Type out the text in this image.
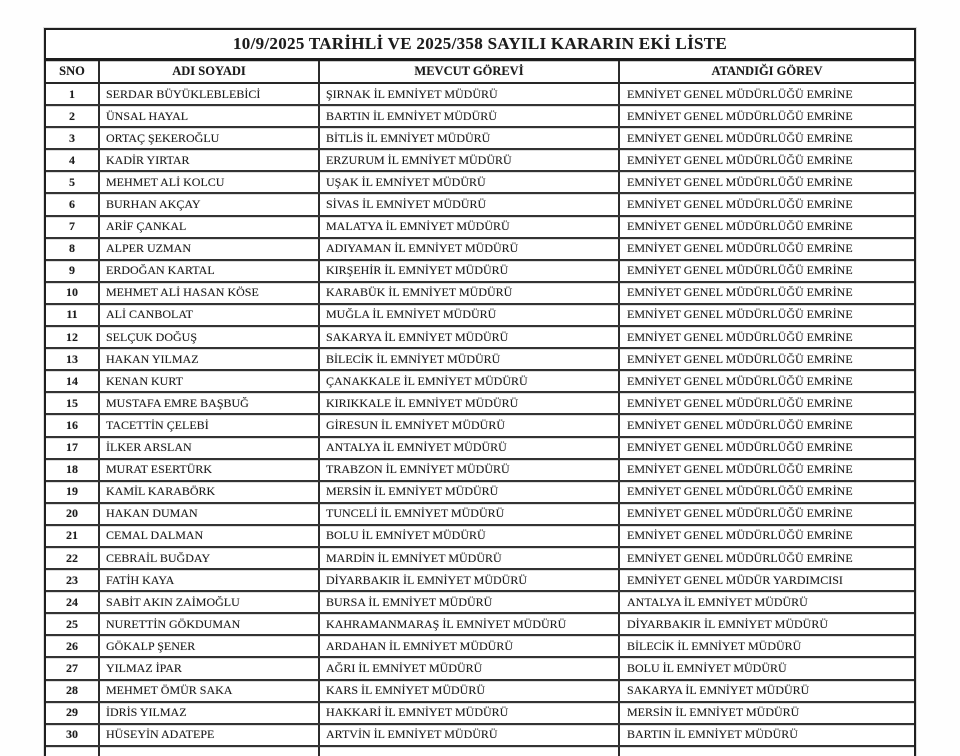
10/9/2025 TARİHLİ VE 2025/358 SAYILI KARARIN EKİ LİSTE
SNO	ADI SOYADI	MEVCUT GÖREVİ	ATANDIĞI GÖREV
1	SERDAR BÜYÜKLEBLEBİCİ	ŞIRNAK İL EMNİYET MÜDÜRÜ	EMNİYET GENEL MÜDÜRLÜĞÜ EMRİNE
2	ÜNSAL HAYAL	BARTIN İL EMNİYET MÜDÜRÜ	EMNİYET GENEL MÜDÜRLÜĞÜ EMRİNE
3	ORTAÇ ŞEKEROĞLU	BİTLİS İL EMNİYET MÜDÜRÜ	EMNİYET GENEL MÜDÜRLÜĞÜ EMRİNE
4	KADİR YIRTAR	ERZURUM İL EMNİYET MÜDÜRÜ	EMNİYET GENEL MÜDÜRLÜĞÜ EMRİNE
5	MEHMET ALİ KOLCU	UŞAK İL EMNİYET MÜDÜRÜ	EMNİYET GENEL MÜDÜRLÜĞÜ EMRİNE
6	BURHAN AKÇAY	SİVAS İL EMNİYET MÜDÜRÜ	EMNİYET GENEL MÜDÜRLÜĞÜ EMRİNE
7	ARİF ÇANKAL	MALATYA İL EMNİYET MÜDÜRÜ	EMNİYET GENEL MÜDÜRLÜĞÜ EMRİNE
8	ALPER UZMAN	ADIYAMAN İL EMNİYET MÜDÜRÜ	EMNİYET GENEL MÜDÜRLÜĞÜ EMRİNE
9	ERDOĞAN KARTAL	KIRŞEHİR İL EMNİYET MÜDÜRÜ	EMNİYET GENEL MÜDÜRLÜĞÜ EMRİNE
10	MEHMET ALİ HASAN KÖSE	KARABÜK İL EMNİYET MÜDÜRÜ	EMNİYET GENEL MÜDÜRLÜĞÜ EMRİNE
11	ALİ CANBOLAT	MUĞLA İL EMNİYET MÜDÜRÜ	EMNİYET GENEL MÜDÜRLÜĞÜ EMRİNE
12	SELÇUK DOĞUŞ	SAKARYA İL EMNİYET MÜDÜRÜ	EMNİYET GENEL MÜDÜRLÜĞÜ EMRİNE
13	HAKAN YILMAZ	BİLECİK İL EMNİYET MÜDÜRÜ	EMNİYET GENEL MÜDÜRLÜĞÜ EMRİNE
14	KENAN KURT	ÇANAKKALE İL EMNİYET MÜDÜRÜ	EMNİYET GENEL MÜDÜRLÜĞÜ EMRİNE
15	MUSTAFA EMRE BAŞBUĞ	KIRIKKALE İL EMNİYET MÜDÜRÜ	EMNİYET GENEL MÜDÜRLÜĞÜ EMRİNE
16	TACETTİN ÇELEBİ	GİRESUN İL EMNİYET MÜDÜRÜ	EMNİYET GENEL MÜDÜRLÜĞÜ EMRİNE
17	İLKER ARSLAN	ANTALYA İL EMNİYET MÜDÜRÜ	EMNİYET GENEL MÜDÜRLÜĞÜ EMRİNE
18	MURAT ESERTÜRK	TRABZON İL EMNİYET MÜDÜRÜ	EMNİYET GENEL MÜDÜRLÜĞÜ EMRİNE
19	KAMİL KARABÖRK	MERSİN İL EMNİYET MÜDÜRÜ	EMNİYET GENEL MÜDÜRLÜĞÜ EMRİNE
20	HAKAN DUMAN	TUNCELİ İL EMNİYET MÜDÜRÜ	EMNİYET GENEL MÜDÜRLÜĞÜ EMRİNE
21	CEMAL DALMAN	BOLU İL EMNİYET MÜDÜRÜ	EMNİYET GENEL MÜDÜRLÜĞÜ EMRİNE
22	CEBRAİL BUĞDAY	MARDİN İL EMNİYET MÜDÜRÜ	EMNİYET GENEL MÜDÜRLÜĞÜ EMRİNE
23	FATİH KAYA	DİYARBAKIR İL EMNİYET MÜDÜRÜ	EMNİYET GENEL MÜDÜR YARDIMCISI
24	SABİT AKIN ZAİMOĞLU	BURSA İL EMNİYET MÜDÜRÜ	ANTALYA İL EMNİYET MÜDÜRÜ
25	NURETTİN GÖKDUMAN	KAHRAMANMARAŞ İL EMNİYET MÜDÜRÜ	DİYARBAKIR İL EMNİYET MÜDÜRÜ
26	GÖKALP ŞENER	ARDAHAN İL EMNİYET MÜDÜRÜ	BİLECİK İL EMNİYET MÜDÜRÜ
27	YILMAZ İPAR	AĞRI İL EMNİYET MÜDÜRÜ	BOLU İL EMNİYET MÜDÜRÜ
28	MEHMET ÖMÜR SAKA	KARS İL EMNİYET MÜDÜRÜ	SAKARYA İL EMNİYET MÜDÜRÜ
29	İDRİS YILMAZ	HAKKARİ İL EMNİYET MÜDÜRÜ	MERSİN İL EMNİYET MÜDÜRÜ
30	HÜSEYİN ADATEPE	ARTVİN İL EMNİYET MÜDÜRÜ	BARTIN İL EMNİYET MÜDÜRÜ
